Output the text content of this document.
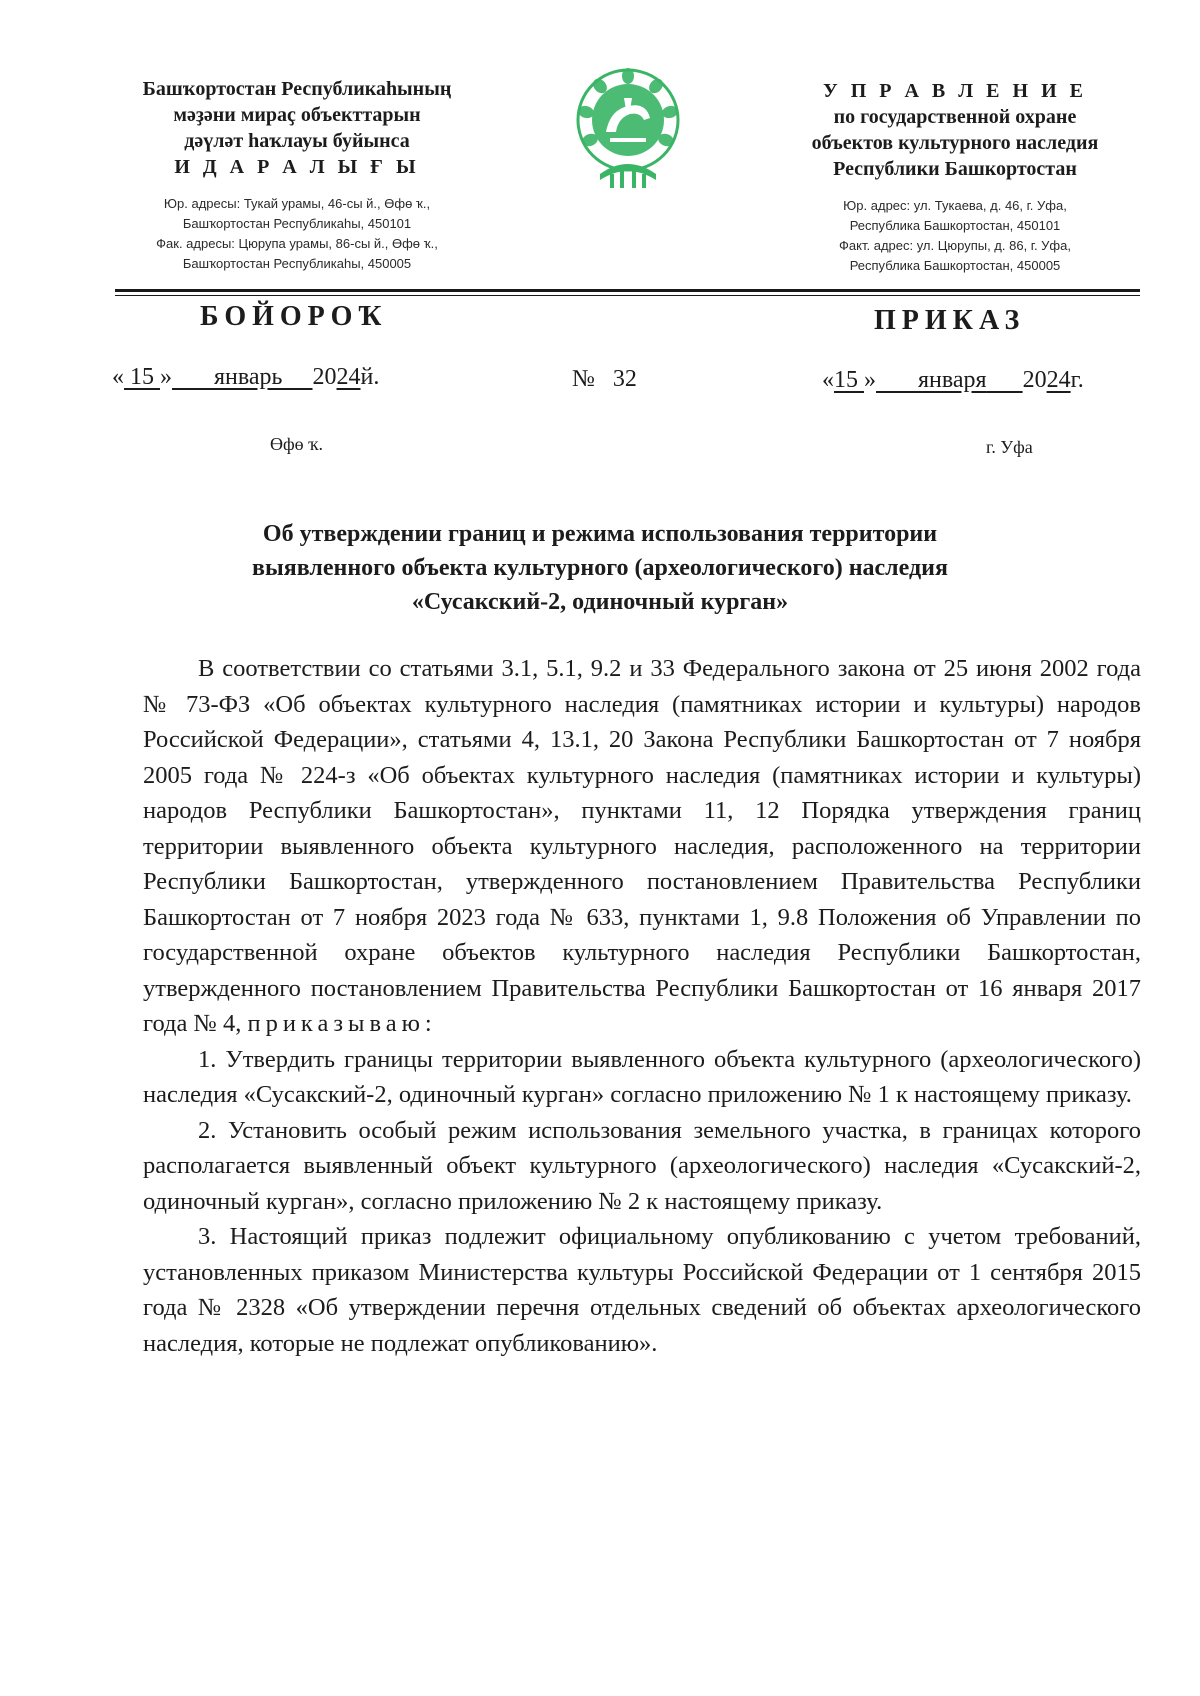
Башҡортостан Республикаһының
мәҙәни мираҫ объекттарын
дәүләт һаҡлауы буйынса
И Д А Р А Л Ы Ғ Ы
Юр. адресы: Тукай урамы, 46-сы й., Өфө ҡ.,
Башҡортостан Республикаһы, 450101
Фак. адресы: Цюрупа урамы, 86-сы й., Өфө ҡ.,
Башҡортостан Республикаһы, 450005
У П Р А В Л Е Н И Е
по государственной охране
объектов культурного наследия
Республики Башкортостан
Юр. адрес: ул. Тукаева, д. 46, г. Уфа,
Республика Башкортостан, 450101
Факт. адрес: ул. Цюрупы, д. 86, г. Уфа,
Республика Башкортостан, 450005
БОЙОРОҠ	ПРИКАЗ
« 15 » январь 2024й.	№ 32	«15 » января 2024г.
Өфө ҡ.	г. Уфа
Об утверждении границ и режима использования территории
выявленного объекта культурного (археологического) наследия
«Сусакский-2, одиночный курган»

В соответствии со статьями 3.1, 5.1, 9.2 и 33 Федерального закона от 25 июня 2002 года № 73-ФЗ «Об объектах культурного наследия (памятниках истории и культуры) народов Российской Федерации», статьями 4, 13.1, 20 Закона Республики Башкортостан от 7 ноября 2005 года № 224-з «Об объектах культурного наследия (памятниках истории и культуры) народов Республики Башкортостан», пунктами 11, 12 Порядка утверждения границ территории выявленного объекта культурного наследия, расположенного на территории Республики Башкортостан, утвержденного постановлением Правительства Республики Башкортостан от 7 ноября 2023 года № 633, пунктами 1, 9.8 Положения об Управлении по государственной охране объектов культурного наследия Республики Башкортостан, утвержденного постановлением Правительства Республики Башкортостан от 16 января 2017 года № 4, приказываю:

1. Утвердить границы территории выявленного объекта культурного (археологического) наследия «Сусакский-2, одиночный курган» согласно приложению № 1 к настоящему приказу.

2. Установить особый режим использования земельного участка, в границах которого располагается выявленный объект культурного (археологического) наследия «Сусакский-2, одиночный курган», согласно приложению № 2 к настоящему приказу.

3. Настоящий приказ подлежит официальному опубликованию с учетом требований, установленных приказом Министерства культуры Российской Федерации от 1 сентября 2015 года № 2328 «Об утверждении перечня отдельных сведений об объектах археологического наследия, которые не подлежат опубликованию».
